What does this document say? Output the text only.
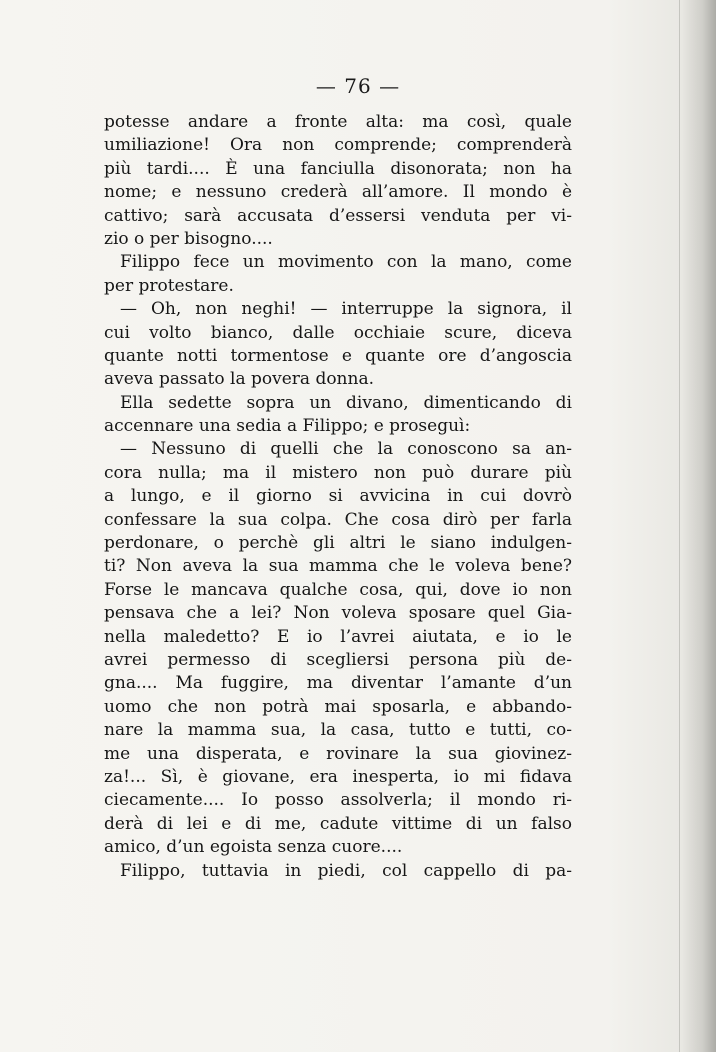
— 76 —
potesse andare a fronte alta: ma così, quale
umiliazione! Ora non comprende; comprenderà
più tardi.... È una fanciulla disonorata; non ha
nome; e nessuno crederà all’amore. Il mondo è
cattivo; sarà accusata d’essersi venduta per vi-
zio o per bisogno....
Filippo fece un movimento con la mano, come
per protestare.
— Oh, non neghi! — interruppe la signora, il
cui volto bianco, dalle occhiaie scure, diceva
quante notti tormentose e quante ore d’angoscia
aveva passato la povera donna.
Ella sedette sopra un divano, dimenticando di
accennare una sedia a Filippo; e proseguì:
— Nessuno di quelli che la conoscono sa an-
cora nulla; ma il mistero non può durare più
a lungo, e il giorno si avvicina in cui dovrò
confessare la sua colpa. Che cosa dirò per farla
perdonare, o perchè gli altri le siano indulgen-
ti? Non aveva la sua mamma che le voleva bene?
Forse le mancava qualche cosa, qui, dove io non
pensava che a lei? Non voleva sposare quel Gia-
nella maledetto? E io l’avrei aiutata, e io le
avrei permesso di scegliersi persona più de-
gna.... Ma fuggire, ma diventar l’amante d’un
uomo che non potrà mai sposarla, e abbando-
nare la mamma sua, la casa, tutto e tutti, co-
me una disperata, e rovinare la sua giovinez-
za!... Sì, è giovane, era inesperta, io mi fidava
ciecamente.... Io posso assolverla; il mondo ri-
derà di lei e di me, cadute vittime di un falso
amico, d’un egoista senza cuore....
Filippo, tuttavia in piedi, col cappello di pa-
